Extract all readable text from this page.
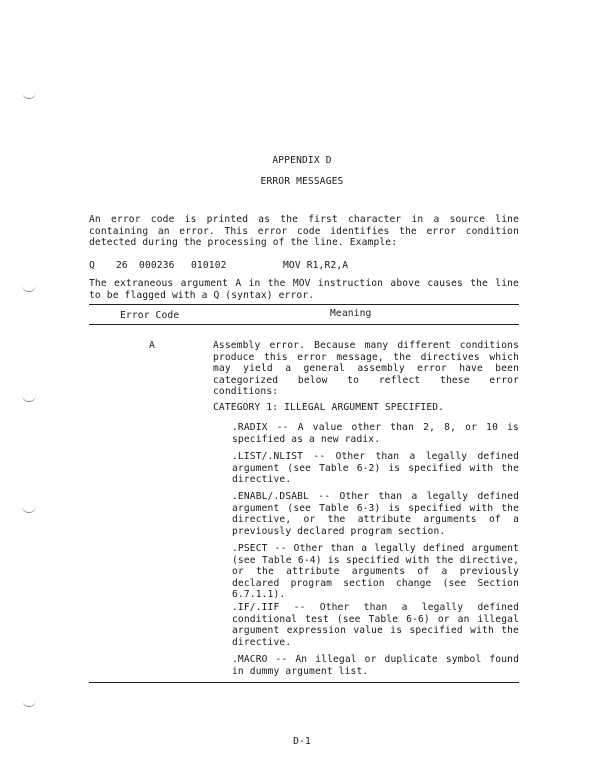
APPENDIX D
ERROR MESSAGES
An error code is printed as the first character in a source line containing an error. This error code identifies the error condition detected during the processing of the line. Example:
Q 26 000236 010102	MOV R1,R2,A
The extraneous argument A in the MOV instruction above causes the line to be flagged with a Q (syntax) error.
Error Code	Meaning
A	Assembly error. Because many different conditions produce this error message, the directives which may yield a general assembly error have been categorized below to reflect these error conditions:
CATEGORY 1: ILLEGAL ARGUMENT SPECIFIED.
.RADIX -- A value other than 2, 8, or 10 is specified as a new radix.
.LIST/.NLIST -- Other than a legally defined argument (see Table 6-2) is specified with the directive.
.ENABL/.DSABL -- Other than a legally defined argument (see Table 6-3) is specified with the directive, or the attribute arguments of a previously declared program section.
.PSECT -- Other than a legally defined argument (see Table 6-4) is specified with the directive, or the attribute arguments of a previously declared program section change (see Section 6.7.1.1).
.IF/.IIF -- Other than a legally defined conditional test (see Table 6-6) or an illegal argument expression value is specified with the directive.
.MACRO -- An illegal or duplicate symbol found in dummy argument list.
D-1
